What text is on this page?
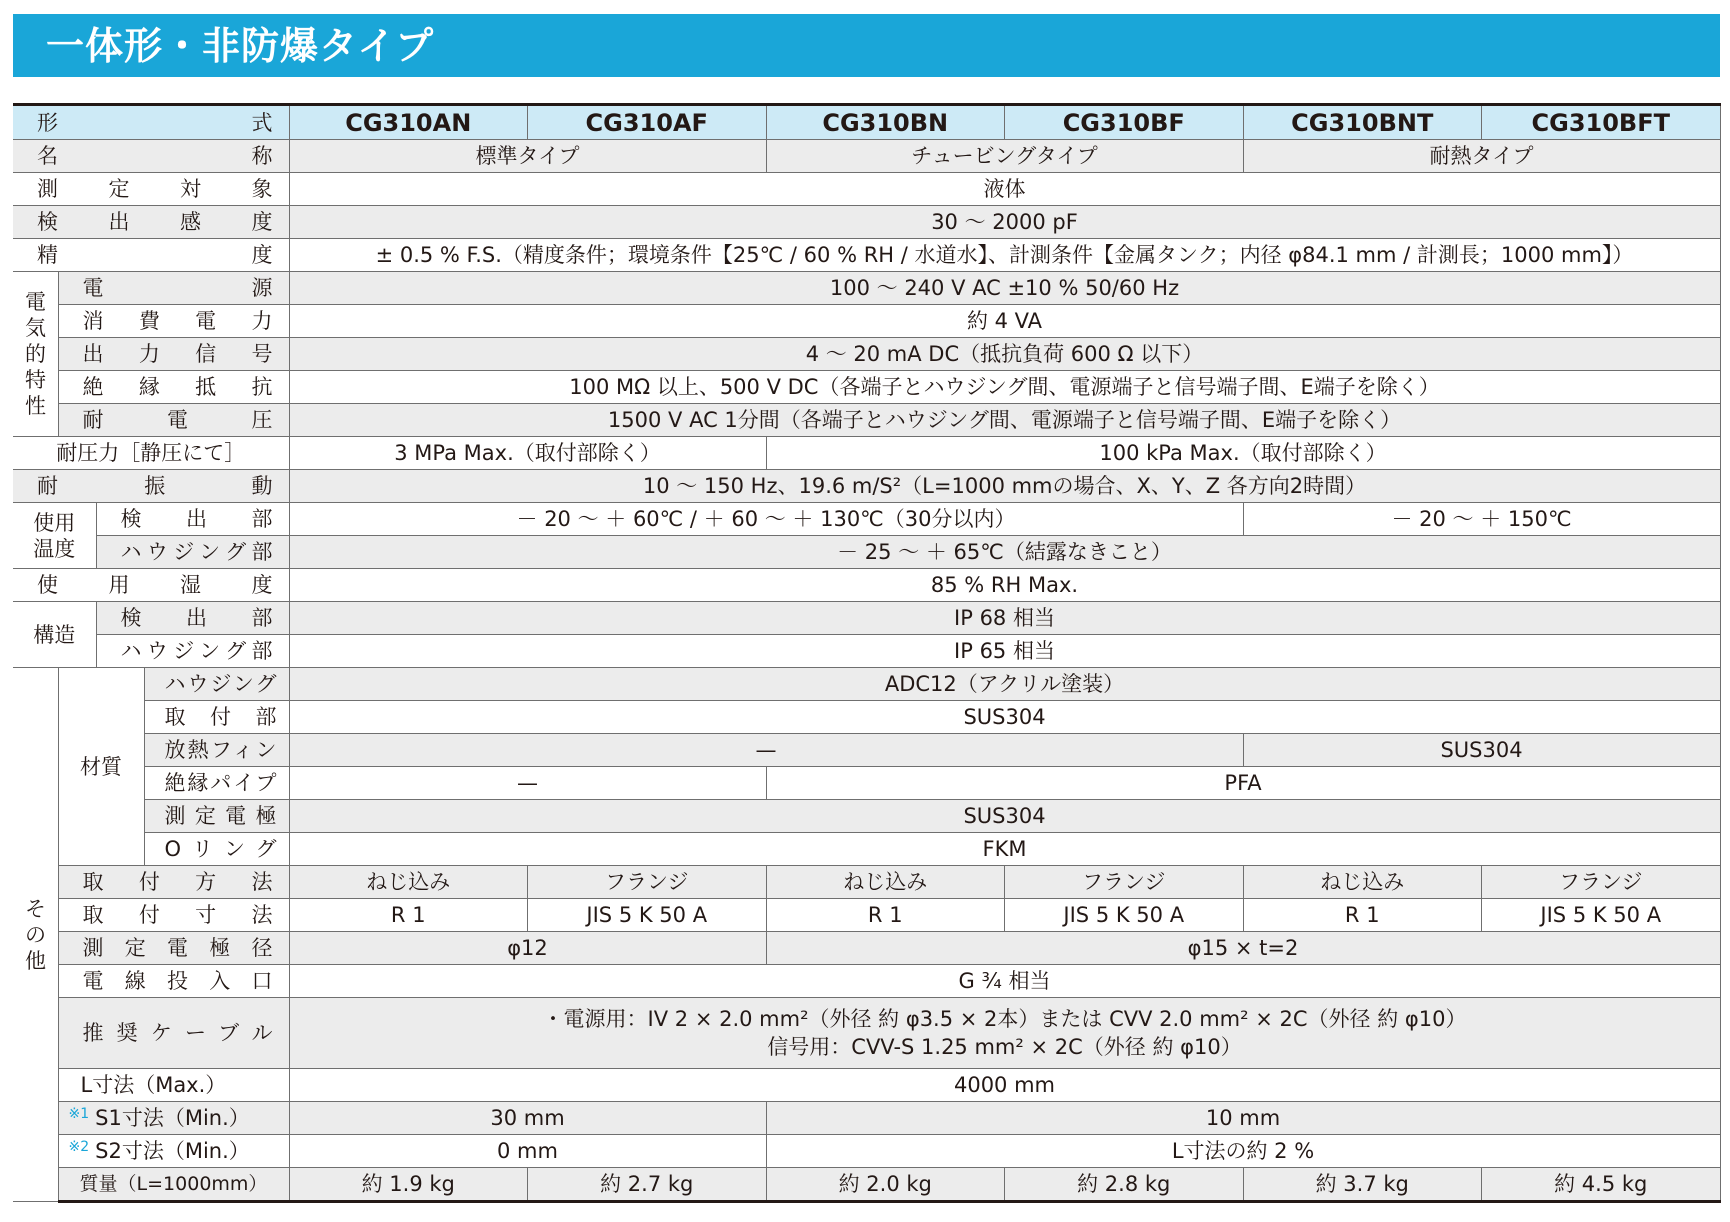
一体形・非防爆タイプ
形　　　式				CG310AN	CG310AF	CG310BN	CG310BF	CG310BNT	CG310BFT
名称				標準タイプ		チュービングタイプ		耐熱タイプ	
測定対象				液体					
検出感度				30 〜 2000 pF					
精度				± 0.5 % F.S.（精度条件；環境条件【25℃ / 60 % RH / 水道水】、計測条件【金属タンク；内径 φ84.1 mm / 計測長；1000 mm】）					
電気的特性	電源			100 〜 240 V AC ±10 % 50/60 Hz					
	消費電力			約 4 VA					
	出力信号			4 〜 20 mA DC（抵抗負荷 600 Ω 以下）					
	絶縁抵抗			100 MΩ 以上、500 V DC（各端子とハウジング間、電源端子と信号端子間、E端子を除く）					
	耐電圧			1500 V AC 1分間（各端子とハウジング間、電源端子と信号端子間、E端子を除く）					
耐圧力［静圧にて］				3 MPa Max.（取付部除く）		100 kPa Max.（取付部除く）			
耐振動				10 〜 150 Hz、19.6 m/S²（L=1000 mmの場合、X、Y、Z 各方向2時間）					
使用温度		検出部		－ 20 〜 ＋ 60℃ / ＋ 60 〜 ＋ 130℃（30分以内）				－ 20 〜 ＋ 150℃	
		ハウジング部		－ 25 〜 ＋ 65℃（結露なきこと）					
使用湿度				85 % RH Max.					
構造		検出部		IP 68 相当					
		ハウジング部		IP 65 相当					
その他	材質		ハウジング	ADC12（アクリル塗装）					
			取付部	SUS304					
			放熱フィン	—				SUS304	
			絶縁パイプ	—		PFA			
			測定電極	SUS304					
			Oリング	FKM					
	取付方法			ねじ込み	フランジ	ねじ込み	フランジ	ねじ込み	フランジ
	取付寸法			R 1	JIS 5 K 50 A	R 1	JIS 5 K 50 A	R 1	JIS 5 K 50 A
	測定電極径			φ12		φ15 × t=2			
	電線投入口			G ¾ 相当					
	推奨ケーブル			・電源用：IV 2 × 2.0 mm²（外径 約 φ3.5 × 2本）または CVV 2.0 mm² × 2C（外径 約 φ10）
信号用：CVV-S 1.25 mm² × 2C（外径 約 φ10）					

	L寸法（Max.）			4000 mm					
	$^{※1}$ S1寸法（Min.）			30 mm		10 mm			
	$^{※2}$ S2寸法（Min.）			0 mm		L寸法の約 2 %			
	質量（L=1000mm）			約 1.9 kg	約 2.7 kg	約 2.0 kg	約 2.8 kg	約 3.7 kg	約 4.5 kg
